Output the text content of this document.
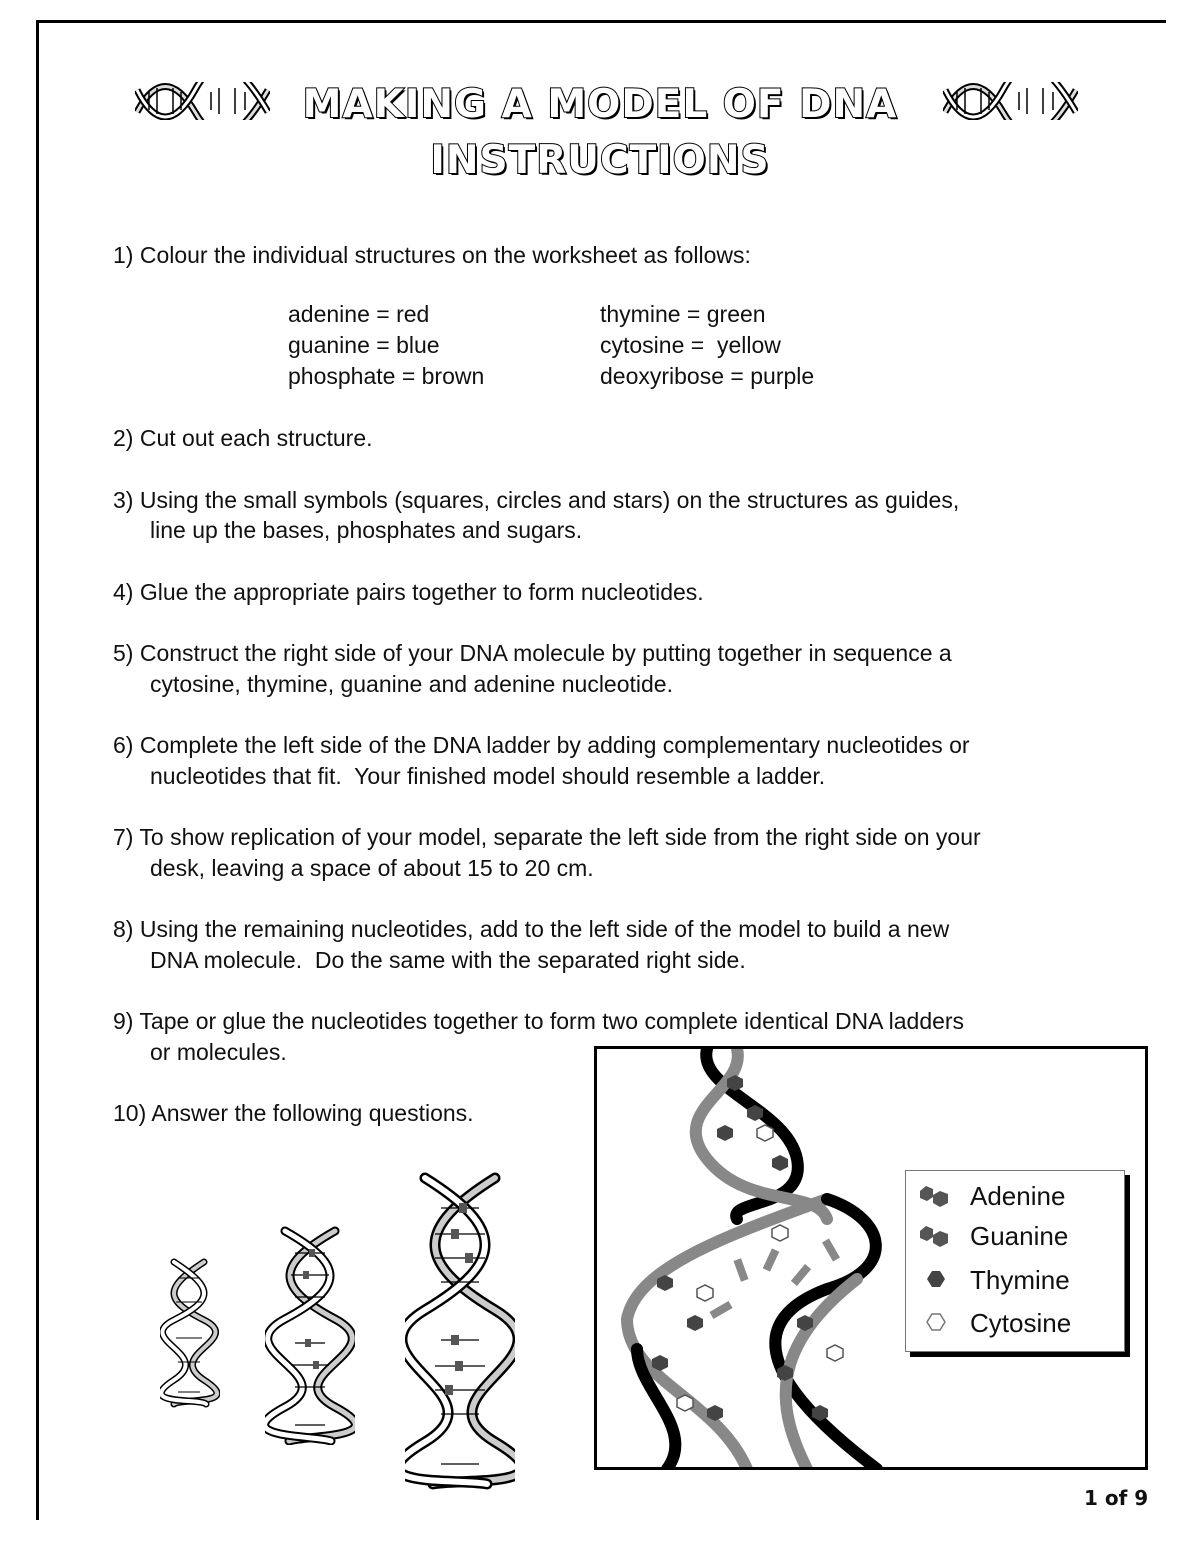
MAKING A MODEL OF DNA
INSTRUCTIONS
1) Colour the individual structures on the worksheet as follows:
adenine = red
guanine = blue
phosphate = brown
thymine = green
cytosine =  yellow
deoxyribose = purple
2) Cut out each structure.
3) Using the small symbols (squares, circles and stars) on the structures as guides,
line up the bases, phosphates and sugars.
4) Glue the appropriate pairs together to form nucleotides.
5) Construct the right side of your DNA molecule by putting together in sequence a
cytosine, thymine, guanine and adenine nucleotide.
6) Complete the left side of the DNA ladder by adding complementary nucleotides or
nucleotides that fit.  Your finished model should resemble a ladder.
7) To show replication of your model, separate the left side from the right side on your
desk, leaving a space of about 15 to 20 cm.
8) Using the remaining nucleotides, add to the left side of the model to build a new
DNA molecule.  Do the same with the separated right side.
9) Tape or glue the nucleotides together to form two complete identical DNA ladders
or molecules.
10) Answer the following questions.
Adenine
Guanine
Thymine
Cytosine
1 of 9
